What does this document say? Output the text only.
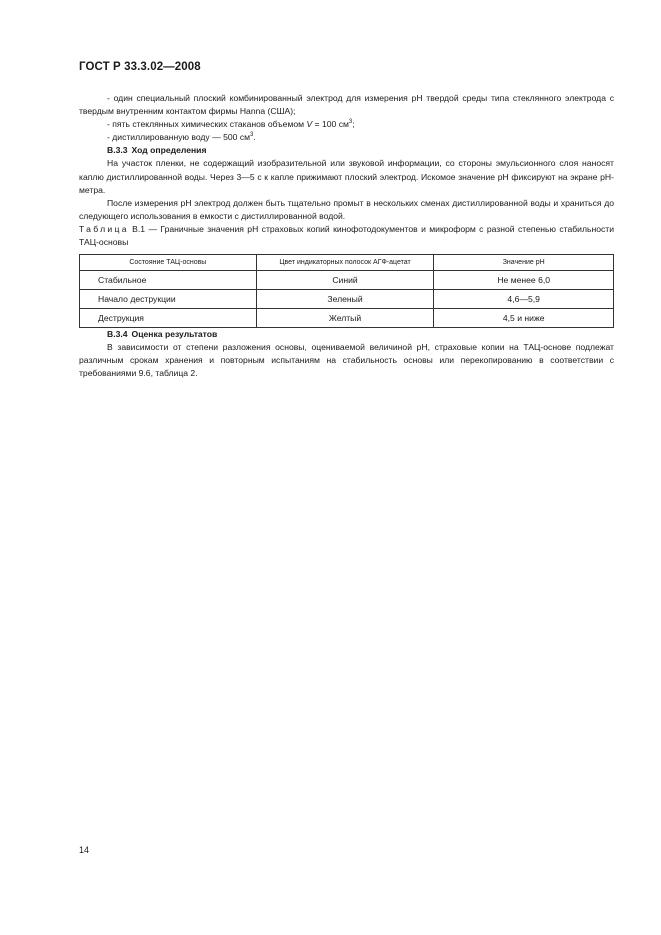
ГОСТ Р 33.3.02—2008

- один специальный плоский комбинированный электрод для измерения pH твердой среды типа стеклянного электрода с твердым внутренним контактом фирмы Hanna (США);

- пять стеклянных химических стаканов объемом V = 100 $см^3$;

- дистиллированную воду — 500 $см^3$.

В.3.3 Ход определения

На участок пленки, не содержащий изобразительной или звуковой информации, со стороны эмульсионного слоя наносят каплю дистиллированной воды. Через 3—5 с к капле прижимают плоский электрод. Искомое значение pH фиксируют на экране pH-метра.

После измерения pH электрод должен быть тщательно промыт в нескольких сменах дистиллированной воды и храниться до следующего использования в емкости с дистиллированной водой.

Таблица В.1 — Граничные значения pH страховых копий кинофотодокументов и микроформ с разной степенью стабильности ТАЦ-основы

Состояние ТАЦ-основы	Цвет индикаторных полосок АГФ-ацетат	Значение pH
Стабильное	Синий	Не менее 6,0
Начало деструкции	Зеленый	4,6—5,9
Деструкция	Желтый	4,5 и ниже

В.3.4 Оценка результатов

В зависимости от степени разложения основы, оцениваемой величиной pH, страховые копии на ТАЦ-основе подлежат различным срокам хранения и повторным испытаниям на стабильность основы или перекопированию в соответствии с требованиями 9.6, таблица 2.

14
